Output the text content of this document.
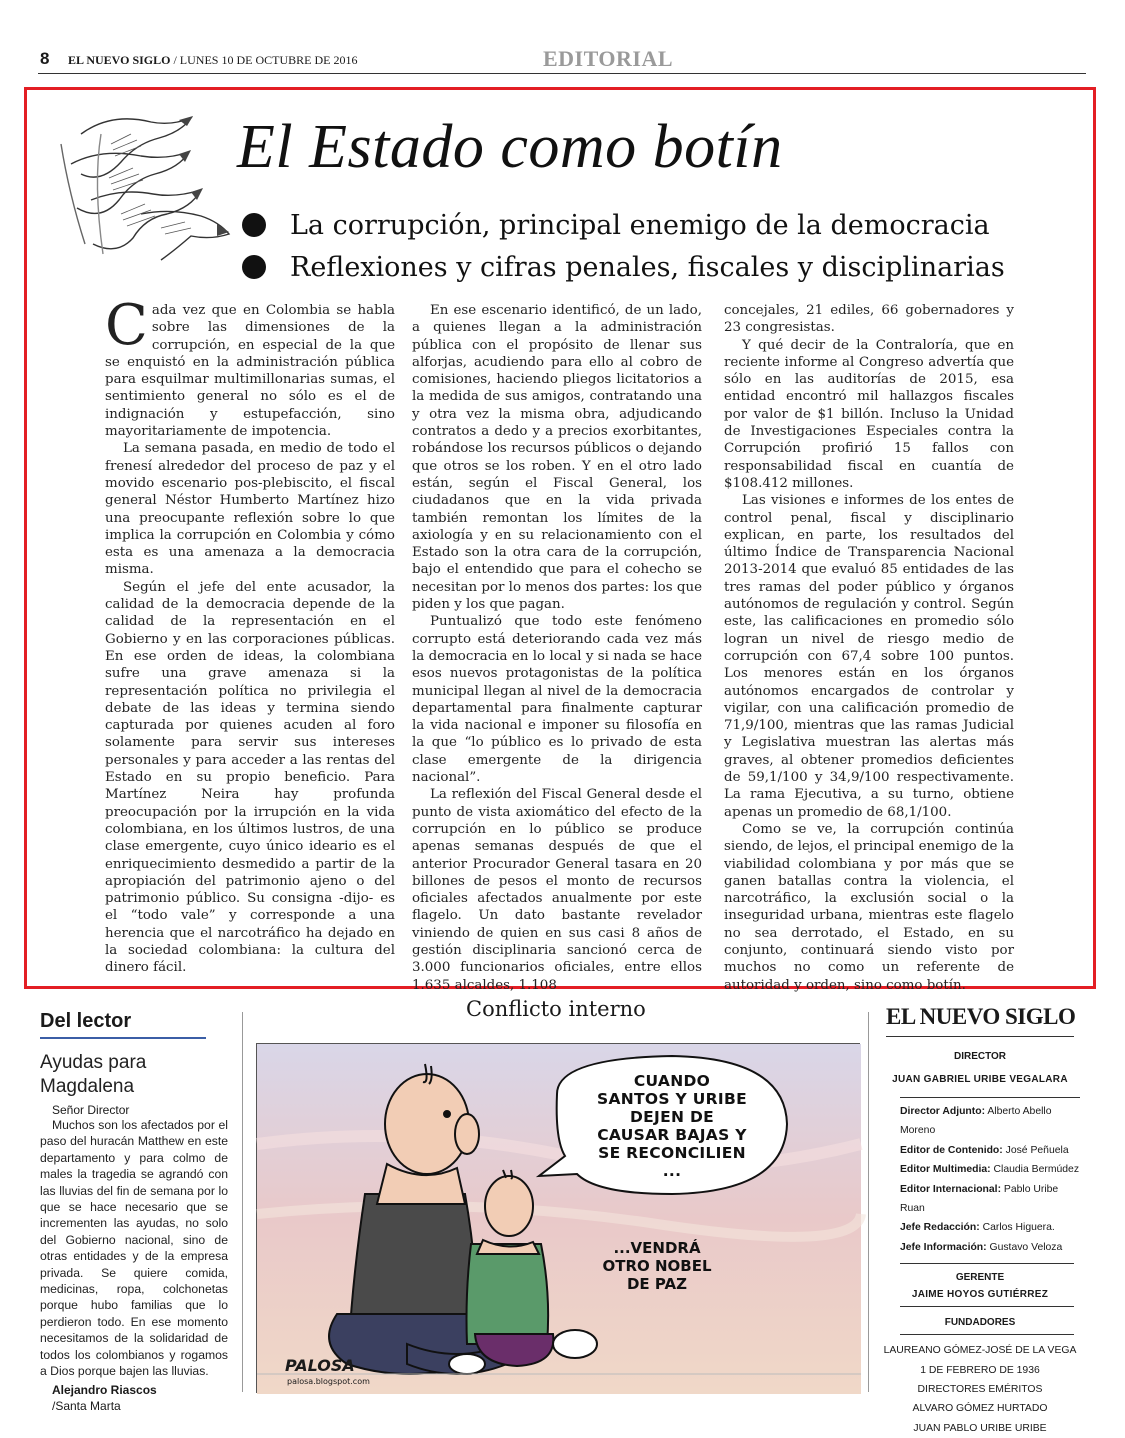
8 EL NUEVO SIGLO / LUNES 10 DE OCTUBRE DE 2016	EDITORIAL
El Estado como botín
La corrupción, principal enemigo de la democracia
Reflexiones y cifras penales, fiscales y disciplinarias

Cada vez que en Colombia se habla sobre las dimensiones de la corrupción, en especial de la que se enquistó en la administración pública para esquilmar multimillonarias sumas, el sentimiento general no sólo es el de indignación y estupefacción, sino mayoritariamente de impotencia.

La semana pasada, en medio de todo el frenesí alrededor del proceso de paz y el movido escenario pos-plebiscito, el fiscal general Néstor Humberto Martínez hizo una preocupante reflexión sobre lo que implica la corrupción en Colombia y cómo esta es una amenaza a la democracia misma.

Según el jefe del ente acusador, la calidad de la democracia depende de la calidad de la representación en el Gobierno y en las corporaciones públicas. En ese orden de ideas, la colombiana sufre una grave amenaza si la representación política no privilegia el debate de las ideas y termina siendo capturada por quienes acuden al foro solamente para servir sus intereses personales y para acceder a las rentas del Estado en su propio beneficio. Para Martínez Neira hay profunda preocupación por la irrupción en la vida colombiana, en los últimos lustros, de una clase emergente, cuyo único ideario es el enriquecimiento desmedido a partir de la apropiación del patrimonio ajeno o del patrimonio público. Su consigna -dijo- es el “todo vale” y corresponde a una herencia que el narcotráfico ha dejado en la sociedad colombiana: la cultura del dinero fácil.

En ese escenario identificó, de un lado, a quienes llegan a la administración pública con el propósito de llenar sus alforjas, acudiendo para ello al cobro de comisiones, haciendo pliegos licitatorios a la medida de sus amigos, contratando una y otra vez la misma obra, adjudicando contratos a dedo y a precios exorbitantes, robándose los recursos públicos o dejando que otros se los roben. Y en el otro lado están, según el Fiscal General, los ciudadanos que en la vida privada también remontan los límites de la axiología y en su relacionamiento con el Estado son la otra cara de la corrupción, bajo el entendido que para el cohecho se necesitan por lo menos dos partes: los que piden y los que pagan.

Puntualizó que todo este fenómeno corrupto está deteriorando cada vez más la democracia en lo local y si nada se hace esos nuevos protagonistas de la política municipal llegan al nivel de la democracia departamental para finalmente capturar la vida nacional e imponer su filosofía en la que “lo público es lo privado de esta clase emergente de la dirigencia nacional”.

La reflexión del Fiscal General desde el punto de vista axiomático del efecto de la corrupción en lo público se produce apenas semanas después de que el anterior Procurador General tasara en 20 billones de pesos el monto de recursos oficiales afectados anualmente por este flagelo. Un dato bastante revelador viniendo de quien en sus casi 8 años de gestión disciplinaria sancionó cerca de 3.000 funcionarios oficiales, entre ellos 1.635 alcaldes, 1.108

concejales, 21 ediles, 66 gobernadores y 23 congresistas.

Y qué decir de la Contraloría, que en reciente informe al Congreso advertía que sólo en las auditorías de 2015, esa entidad encontró mil hallazgos fiscales por valor de $1 billón. Incluso la Unidad de Investigaciones Especiales contra la Corrupción profirió 15 fallos con responsabilidad fiscal en cuantía de $108.412 millones.

Las visiones e informes de los entes de control penal, fiscal y disciplinario explican, en parte, los resultados del último Índice de Transparencia Nacional 2013-2014 que evaluó 85 entidades de las tres ramas del poder público y órganos autónomos de regulación y control. Según este, las calificaciones en promedio sólo logran un nivel de riesgo medio de corrupción con 67,4 sobre 100 puntos. Los menores están en los órganos autónomos encargados de controlar y vigilar, con una calificación promedio de 71,9/100, mientras que las ramas Judicial y Legislativa muestran las alertas más graves, al obtener promedios deficientes de 59,1/100 y 34,9/100 respectivamente. La rama Ejecutiva, a su turno, obtiene apenas un promedio de 68,1/100.

Como se ve, la corrupción continúa siendo, de lejos, el principal enemigo de la viabilidad colombiana y por más que se ganen batallas contra la violencia, el narcotráfico, la exclusión social o la inseguridad urbana, mientras este flagelo no sea derrotado, el Estado, en su conjunto, continuará siendo visto por muchos no como un referente de autoridad y orden, sino como botín.

Del lector
Ayudas para Magdalena
Señor Director
Muchos son los afectados por el paso del huracán Matthew en este departamento y para colmo de males la tragedia se agrandó con las lluvias del fin de semana por lo que se hace necesario que se incrementen las ayudas, no solo del Gobierno nacional, sino de otras entidades y de la empresa privada. Se quiere comida, medicinas, ropa, colchonetas porque hubo familias que lo perdieron todo. En ese momento necesitamos de la solidaridad de todos los colombianos y rogamos a Dios porque bajen las lluvias.
Alejandro Riascos
/Santa Marta
Conflicto interno
CUANDO SANTOS Y URIBE DEJEN DE CAUSAR BAJAS Y SE RECONCILIEN ...
...VENDRÁ OTRO NOBEL DE PAZ
PALOSA
palosa.blogspot.com
EL NUEVO SIGLO
DIRECTOR
JUAN GABRIEL URIBE VEGALARA
Director Adjunto: Alberto Abello Moreno
Editor de Contenido: José Peñuela
Editor Multimedia: Claudia Bermúdez
Editor Internacional: Pablo Uribe Ruan
Jefe Redacción: Carlos Higuera.
Jefe Información: Gustavo Veloza
GERENTE
JAIME HOYOS GUTIÉRREZ
FUNDADORES
LAUREANO GÓMEZ-JOSÉ DE LA VEGA
1 DE FEBRERO DE 1936
DIRECTORES EMÉRITOS
ALVARO GÓMEZ HURTADO
JUAN PABLO URIBE URIBE
